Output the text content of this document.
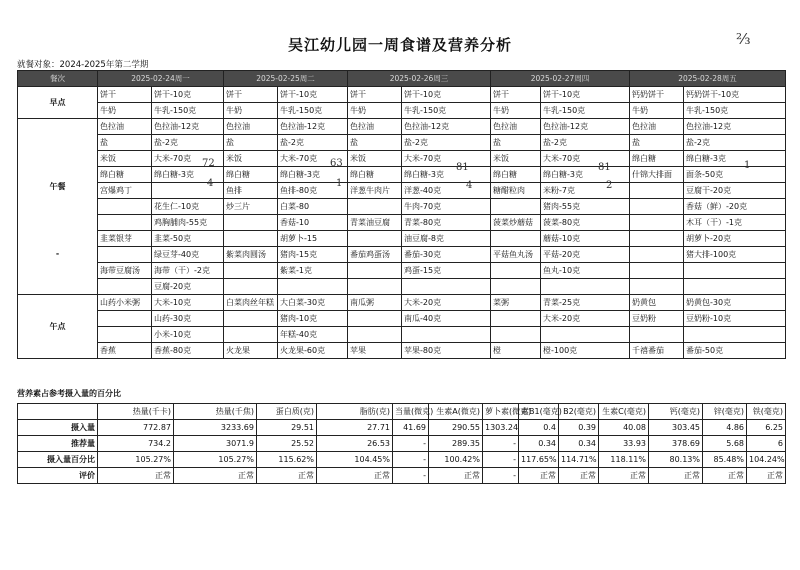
吴江幼儿园一周食谱及营养分析	⅔
就餐对象：2024-2025年第二学期
餐次	2025-02-24周一		2025-02-25周二		2025-02-26周三		2025-02-27周四		2025-02-28周五	
早点	饼干	饼干-10克	饼干	饼干-10克	饼干	饼干-10克	饼干	饼干-10克	钙奶饼干	钙奶饼干-10克
	牛奶	牛乳-150克	牛奶	牛乳-150克	牛奶	牛乳-150克	牛奶	牛乳-150克	牛奶	牛乳-150克

午餐
-	色拉油	色拉油-12克	色拉油	色拉油-12克	色拉油	色拉油-12克	色拉油	色拉油-12克	色拉油	色拉油-12克
	盐	盐-2克	盐	盐-2克	盐	盐-2克	盐	盐-2克	盐	盐-2克
	米饭	大米-70克	米饭	大米-70克	米饭	大米-70克	米饭	大米-70克	绵白糖	绵白糖-3克
	绵白糖	绵白糖-3克	绵白糖	绵白糖-3克	绵白糖	绵白糖-3克	绵白糖	绵白糖-3克	什锦大排面	面条-50克
	宫爆鸡丁		鱼排	鱼排-80克	洋葱牛肉片	洋葱-40克	糖醋粒肉	米粉-7克		豆腐干-20克
		花生仁-10克	炒三片	白菜-80		牛肉-70克		猪肉-55克		香菇（鲜）-20克
		鸡胸脯肉-55克		香菇-10	青菜油豆腐	青菜-80克	菠菜炒蘑菇	菠菜-80克		木耳（干）-1克
	韭菜银芽	韭菜-50克		胡萝卜-15		油豆腐-8克		蘑菇-10克		胡萝卜-20克
		绿豆芽-40克	紫菜肉圆汤	猪肉-15克	番茄鸡蛋汤	番茄-30克	平菇鱼丸汤	平菇-20克		猪大排-100克
	海带豆腐汤	海带（干）-2克		紫菜-1克		鸡蛋-15克		鱼丸-10克		
		豆腐-20克								
午点	山药小米粥	大米-10克	白菜肉丝年糕	大白菜-30克	南瓜粥	大米-20克	菜粥	青菜-25克	奶黄包	奶黄包-30克
		山药-30克		猪肉-10克		南瓜-40克		大米-20克	豆奶粉	豆奶粉-10克
		小米-10克		年糕-40克						
	香蕉	香蕉-80克	火龙果	火龙果-60克	苹果	苹果-80克	橙	橙-100克	千禧番茄	番茄-50克
营养素占参考摄入量的百分比
	热量(千卡)	热量(千焦)	蛋白质(克)	脂肪(克)	当量(微克)	生素A(微克)	萝卜素(微克)	素B1(毫克)	B2(毫克)	生素C(毫克)	钙(毫克)	锌(毫克)	铁(毫克)
摄入量	772.87	3233.69	29.51	27.71	41.69	290.55	1303.24	0.4	0.39	40.08	303.45	4.86	6.25
推荐量	734.2	3071.9	25.52	26.53	-	289.35	-	0.34	0.34	33.93	378.69	5.68	6
摄入量百分比	105.27%	105.27%	115.62%	104.45%	-	100.42%	-	117.65%	114.71%	118.11%	80.13%	85.48%	104.24%
评价	正常	正常	正常	正常	-	正常	-	正常	正常	正常	正常	正常	正常
72	63	81	81	1
4	1	4	2
